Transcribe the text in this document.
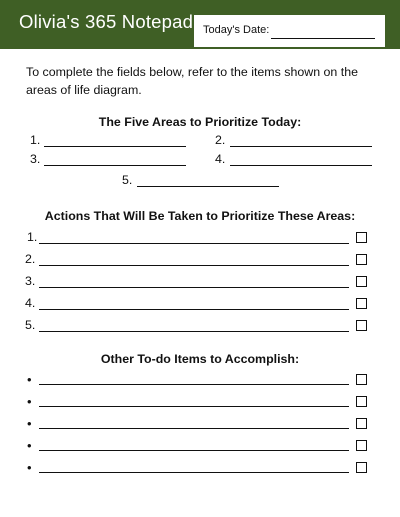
Olivia's 365 Notepad Today's Date:

To complete the fields below, refer to the items shown on the areas of life diagram.

The Five Areas to Prioritize Today:
1.	2.
3.	4.
5.
Actions That Will Be Taken to Prioritize These Areas:
1.
2.
3.
4.
5.
Other To-do Items to Accomplish:
•
•
•
•
•
